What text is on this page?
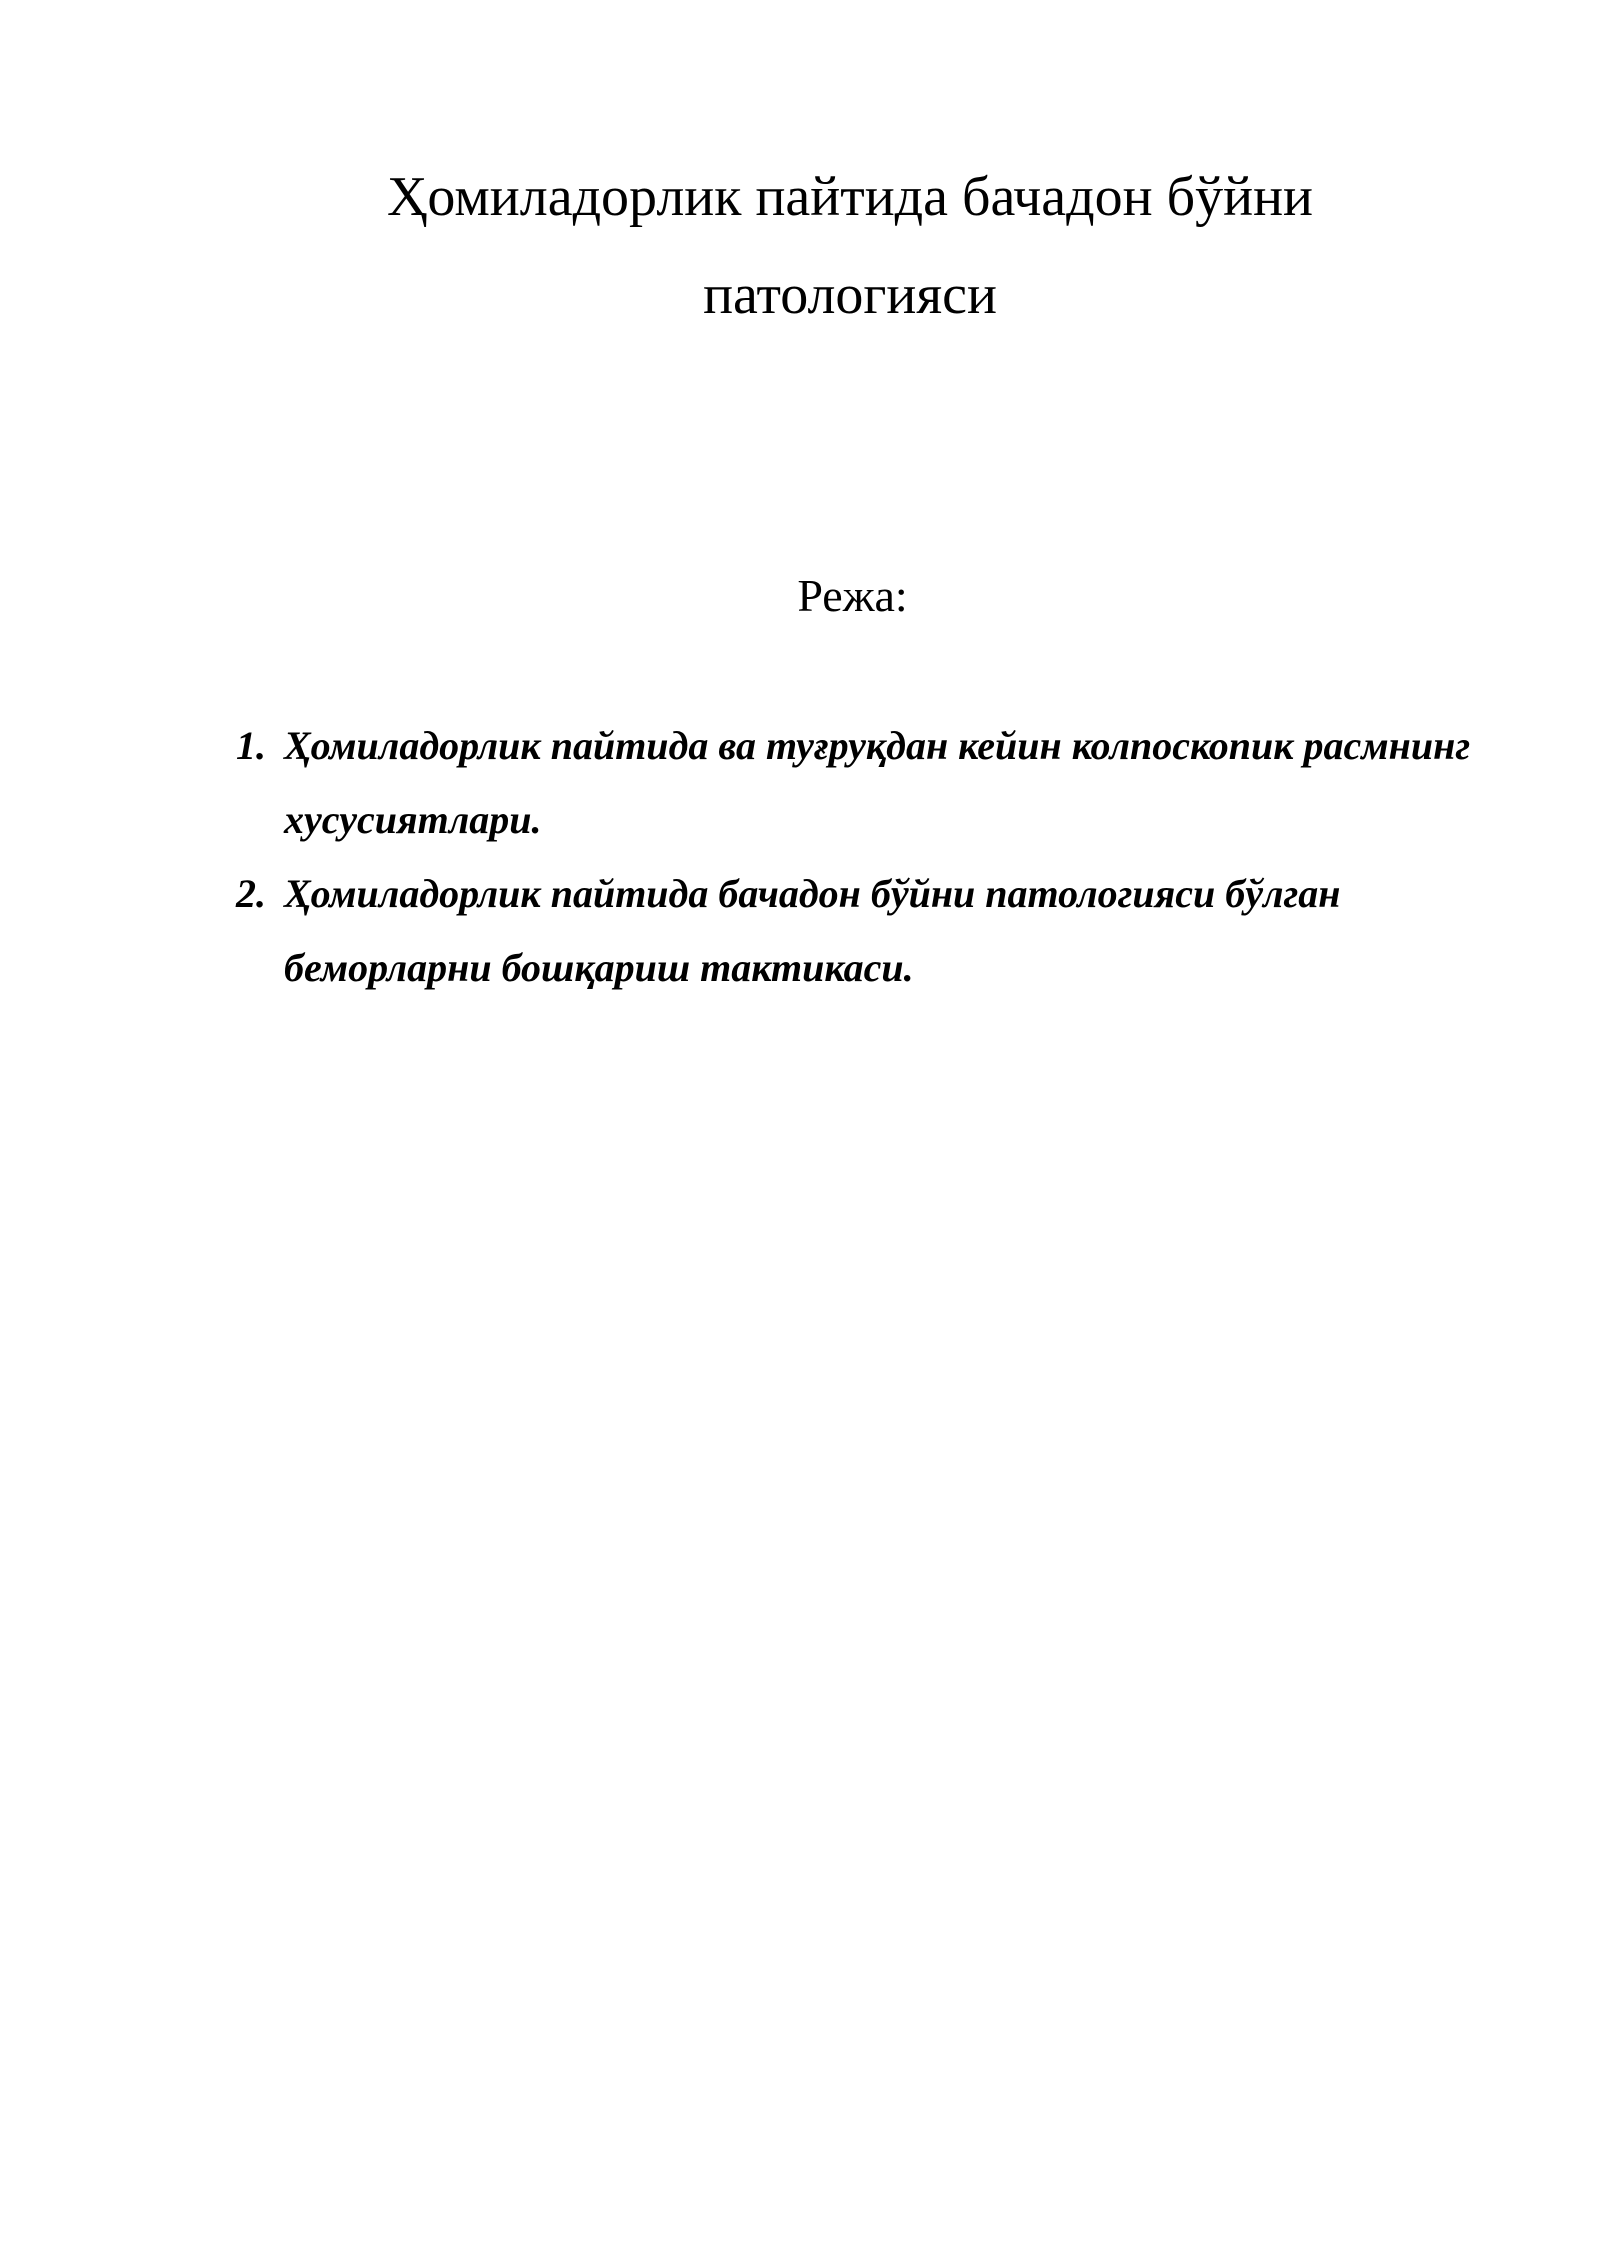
Ҳомиладорлик пайтида бачадон бўйни
патологияси

Режа:

1. Ҳомиладорлик пайтида ва туғруқдан кейин колпоскопик расмнинг хусусиятлари.
2. Ҳомиладорлик пайтида бачадон бўйни патологияси бўлган беморларни бошқариш тактикаси.
